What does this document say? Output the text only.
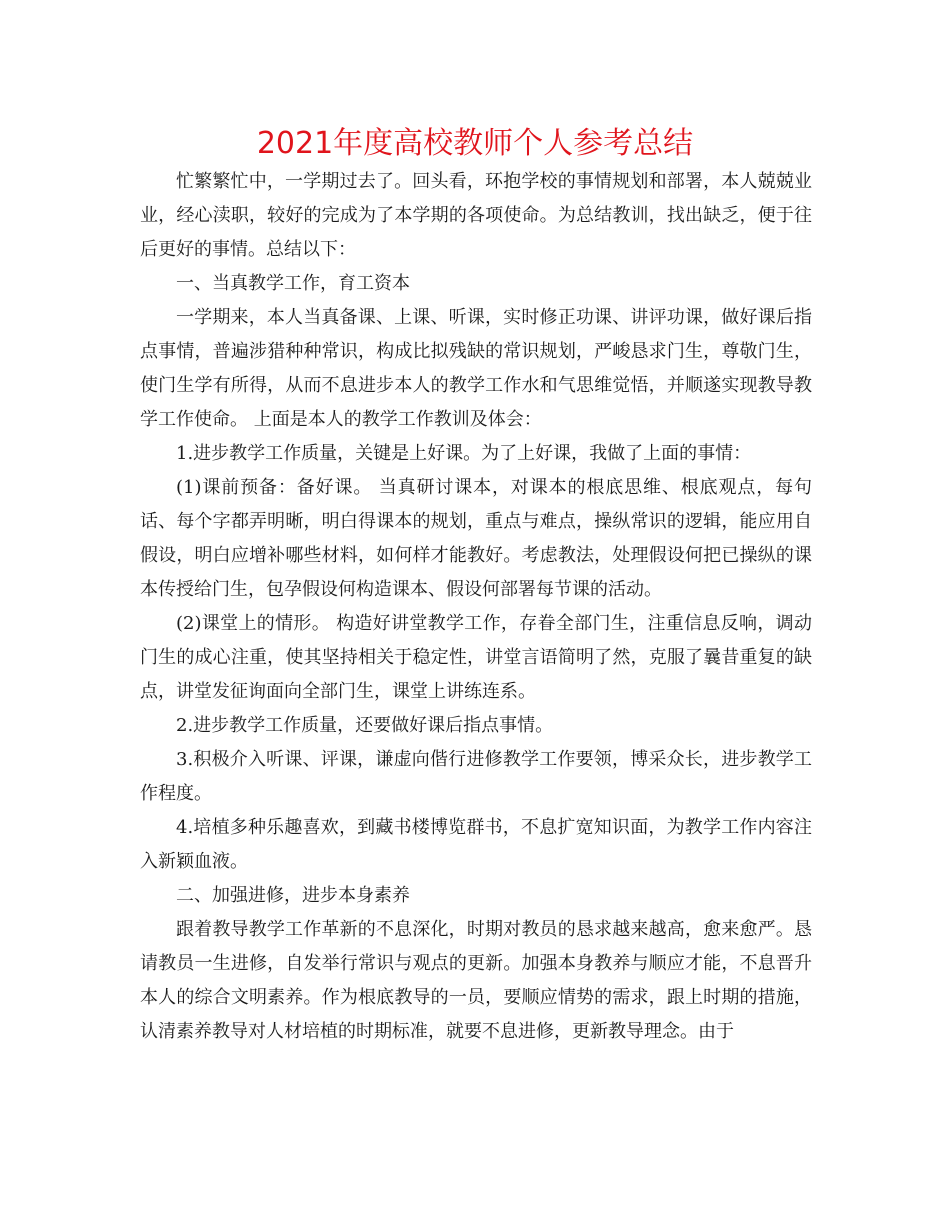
2021年度高校教师个人参考总结

忙繁繁忙中，一学期过去了。回头看，环抱学校的事情规划和部署，本人兢兢业业，经心渎职，较好的完成为了本学期的各项使命。为总结教训，找出缺乏，便于往后更好的事情。总结以下：

一、当真教学工作，育工资本

一学期来，本人当真备课、上课、听课，实时修正功课、讲评功课，做好课后指点事情，普遍涉猎种种常识，构成比拟残缺的常识规划，严峻恳求门生，尊敬门生，使门生学有所得，从而不息进步本人的教学工作水和气思维觉悟，并顺遂实现教导教学工作使命。 上面是本人的教学工作教训及体会：

1.进步教学工作质量，关键是上好课。为了上好课，我做了上面的事情：

(1)课前预备：备好课。 当真研讨课本，对课本的根底思维、根底观点，每句话、每个字都弄明晰，明白得课本的规划，重点与难点，操纵常识的逻辑，能应用自假设，明白应增补哪些材料，如何样才能教好。考虑教法，处理假设何把已操纵的课本传授给门生，包孕假设何构造课本、假设何部署每节课的活动。

(2)课堂上的情形。 构造好讲堂教学工作，存眷全部门生，注重信息反响，调动门生的成心注重，使其坚持相关于稳定性，讲堂言语简明了然，克服了曩昔重复的缺点，讲堂发征询面向全部门生，课堂上讲练连系。

2.进步教学工作质量，还要做好课后指点事情。

3.积极介入听课、评课，谦虚向偕行进修教学工作要领，博采众长，进步教学工作程度。

4.培植多种乐趣喜欢，到藏书楼博览群书，不息扩宽知识面，为教学工作内容注入新颖血液。

二、加强进修，进步本身素养

跟着教导教学工作革新的不息深化，时期对教员的恳求越来越高，愈来愈严。恳请教员一生进修，自发举行常识与观点的更新。加强本身教养与顺应才能，不息晋升本人的综合文明素养。作为根底教导的一员，要顺应情势的需求，跟上时期的措施，认清素养教导对人材培植的时期标准，就要不息进修，更新教导理念。由于
